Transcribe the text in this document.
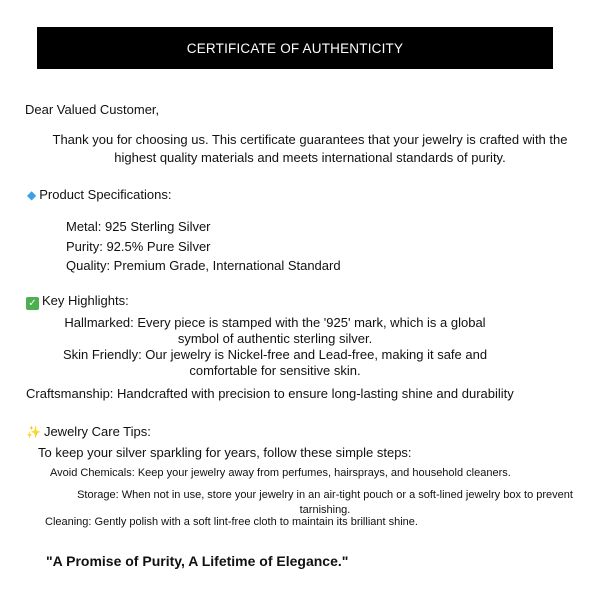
CERTIFICATE OF AUTHENTICITY
Dear Valued Customer,
Thank you for choosing us. This certificate guarantees that your jewelry is crafted with the
highest quality materials and meets international standards of purity.
◆ Product Specifications:
Metal: 925 Sterling Silver
Purity: 92.5% Pure Silver
Quality: Premium Grade, International Standard
✓ Key Highlights:
Hallmarked: Every piece is stamped with the '925' mark, which is a global
symbol of authentic sterling silver.
Skin Friendly: Our jewelry is Nickel-free and Lead-free, making it safe and
comfortable for sensitive skin.
Craftsmanship: Handcrafted with precision to ensure long-lasting shine and durability
✨ Jewelry Care Tips:
To keep your silver sparkling for years, follow these simple steps:
Avoid Chemicals: Keep your jewelry away from perfumes, hairsprays, and household cleaners.
Storage: When not in use, store your jewelry in an air-tight pouch or a soft-lined jewelry box to prevent
tarnishing.
Cleaning: Gently polish with a soft lint-free cloth to maintain its brilliant shine.
"A Promise of Purity, A Lifetime of Elegance."
